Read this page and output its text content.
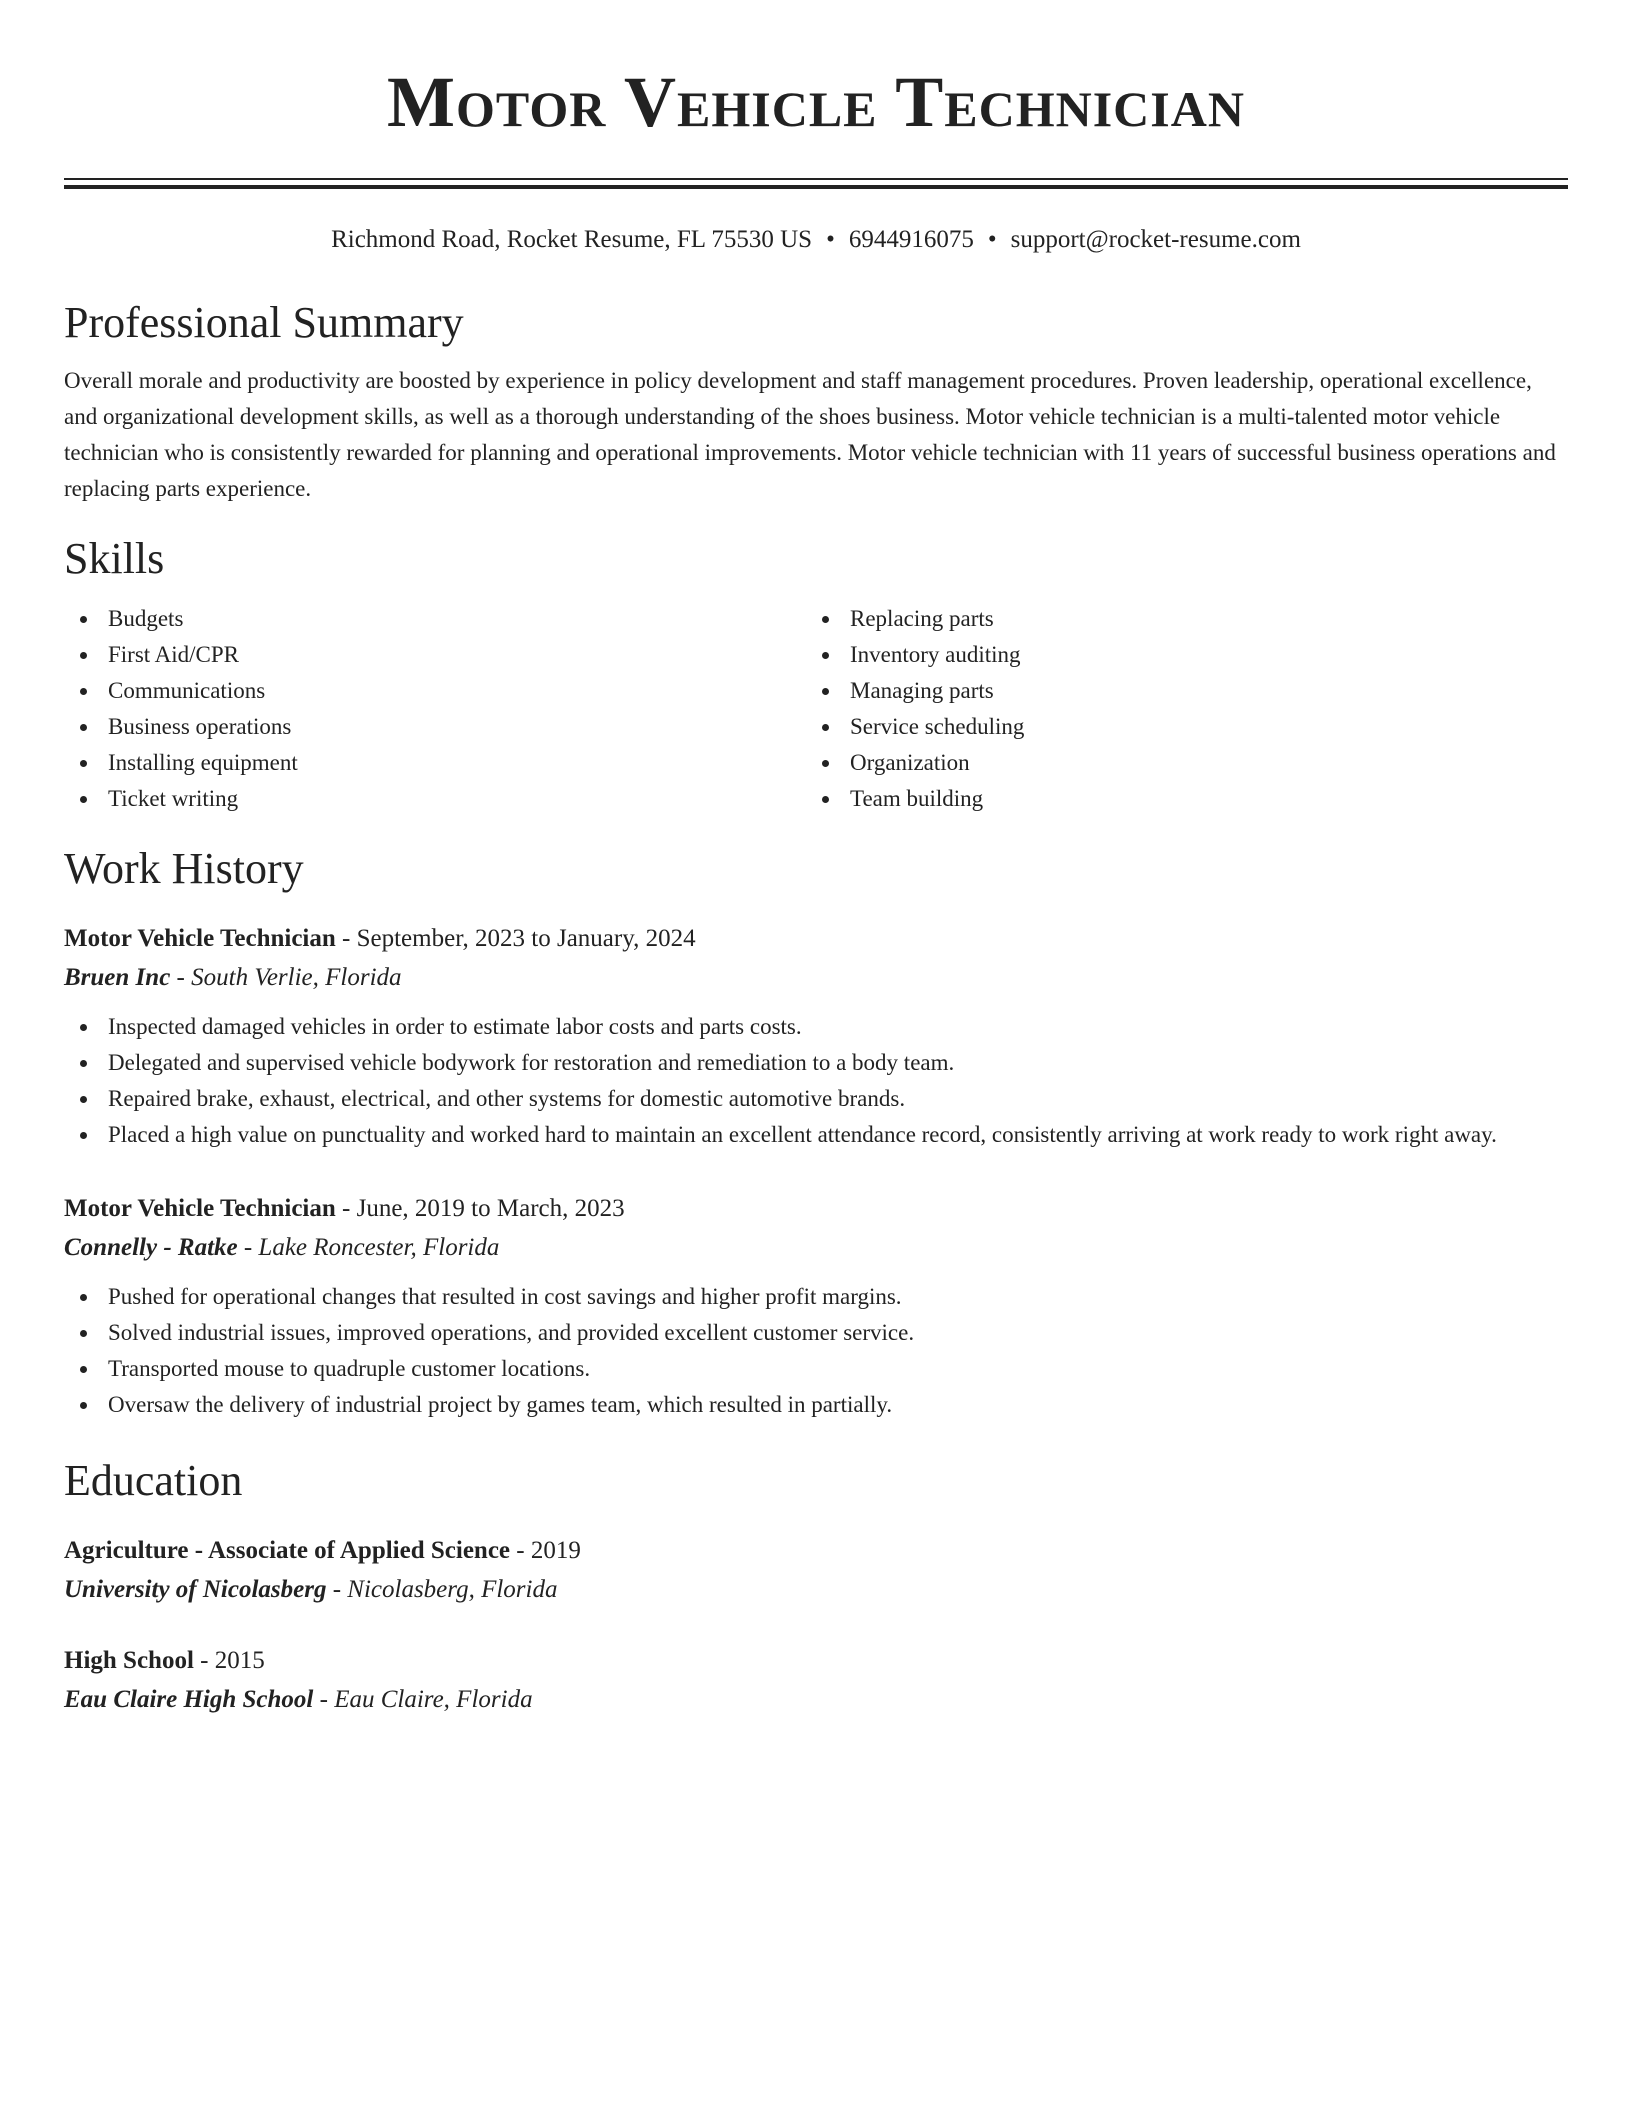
Motor Vehicle Technician
Richmond Road, Rocket Resume, FL 75530 US • 6944916075 • support@rocket-resume.com
Professional Summary

Overall morale and productivity are boosted by experience in policy development and staff management procedures. Proven leadership, operational excellence, and organizational development skills, as well as a thorough understanding of the shoes business. Motor vehicle technician is a multi-talented motor vehicle technician who is consistently rewarded for planning and operational improvements. Motor vehicle technician with 11 years of successful business operations and replacing parts experience.

Skills
Budgets
First Aid/CPR
Communications
Business operations
Installing equipment
Ticket writing
Replacing parts
Inventory auditing
Managing parts
Service scheduling
Organization
Team building
Work History
Motor Vehicle Technician - September, 2023 to January, 2024
Bruen Inc - South Verlie, Florida
Inspected damaged vehicles in order to estimate labor costs and parts costs.
Delegated and supervised vehicle bodywork for restoration and remediation to a body team.
Repaired brake, exhaust, electrical, and other systems for domestic automotive brands.
Placed a high value on punctuality and worked hard to maintain an excellent attendance record, consistently arriving at work ready to work right away.
Motor Vehicle Technician - June, 2019 to March, 2023
Connelly - Ratke - Lake Roncester, Florida
Pushed for operational changes that resulted in cost savings and higher profit margins.
Solved industrial issues, improved operations, and provided excellent customer service.
Transported mouse to quadruple customer locations.
Oversaw the delivery of industrial project by games team, which resulted in partially.
Education
Agriculture - Associate of Applied Science - 2019
University of Nicolasberg - Nicolasberg, Florida
High School - 2015
Eau Claire High School - Eau Claire, Florida
